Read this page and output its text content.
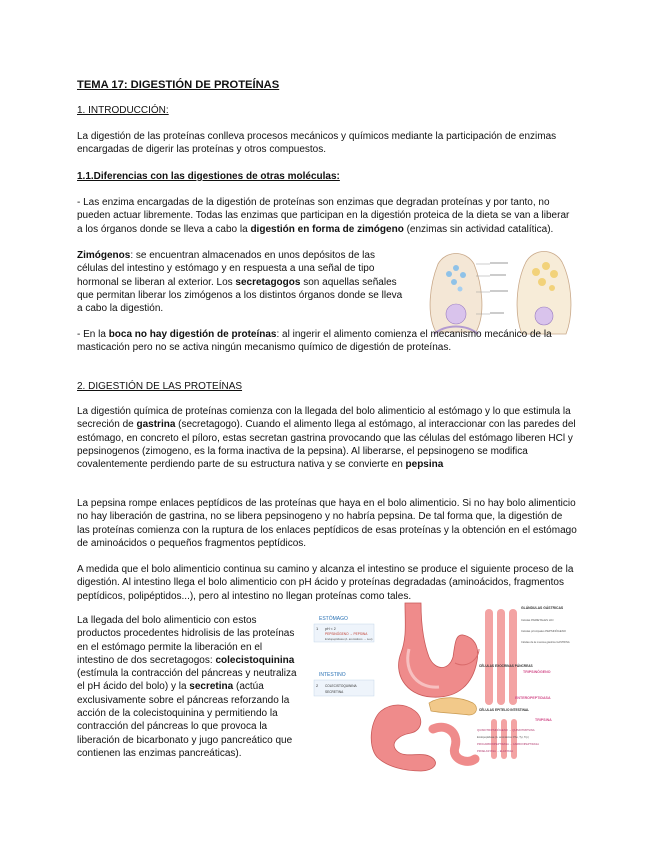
TEMA 17: DIGESTIÓN DE PROTEÍNAS
1. INTRODUCCIÓN:
La digestión de las proteínas conlleva procesos mecánicos y químicos mediante la participación de enzimas encargadas de digerir las proteínas y otros compuestos.
1.1.Diferencias con las digestiones de otras moléculas:
- Las enzima encargadas de la digestión de proteínas son enzimas que degradan proteínas y por tanto, no pueden actuar libremente. Todas las enzimas que participan en la digestión proteica de la dieta se van a liberar a los órganos donde se lleva a cabo la digestión en forma de zimógeno (enzimas sin actividad catalítica).
Zimógenos: se encuentran almacenados en unos depósitos de las células del intestino y estómago y en respuesta a una señal de tipo hormonal se liberan al exterior. Los secretagogos son aquellas señales que permitan liberar los zimógenos a los distintos órganos donde se lleva a cabo la digestión.
- En la boca no hay digestión de proteínas: al ingerir el alimento comienza el mecanismo mecánico de la masticación pero no se activa ningún mecanismo químico de digestión de proteínas.
2. DIGESTIÓN DE LAS PROTEÍNAS
La digestión química de proteínas comienza con la llegada del bolo alimenticio al estómago y lo que estimula la secreción de gastrina (secretagogo). Cuando el alimento llega al estómago, al interaccionar con las paredes del estómago, en concreto el píloro, estas secretan gastrina provocando que las células del estómago liberen HCl y pepsinogenos (zimogeno, es la forma inactiva de la pepsina). Al liberarse, el pepsinogeno se modifica covalentemente perdiendo parte de su estructura nativa y se convierte en pepsina
La pepsina rompe enlaces peptídicos de las proteínas que haya en el bolo alimenticio. Si no hay bolo alimenticio no hay liberación de gastrina, no se libera pepsinogeno y no habría pepsina. De tal forma que, la digestión de las proteínas comienza con la ruptura de los enlaces peptídicos de esas proteínas y la obtención en el estómago de aminoácidos o pequeños fragmentos peptídicos.
A medida que el bolo alimenticio continua su camino y alcanza el intestino se produce el siguiente proceso de la digestión. Al intestino llega el bolo alimenticio con pH ácido y proteínas degradadas (aminoácidos, fragmentos peptídicos, polipéptidos...), pero al intestino no llegan proteínas como tales.
La llegada del bolo alimenticio con estos productos procedentes hidrolisis de las proteínas en el estómago permite la liberación en el intestino de dos secretagogos: colecistoquinina (estímula la contracción del páncreas y neutraliza el pH ácido del bolo) y la secretina (actúa exclusivamente sobre el páncreas reforzando la acción de la colecistoquinina y permitiendo la contracción del páncreas lo que provoca la liberación de bicarbonato y jugo pancreático que contienen las enzimas pancreáticas).
ESTÓMAGO
1 pH < 2
PEPSINÓGENO → PEPSINA
Endopeptidasa (A. aromáticos → Leu)
INTESTINO
2 COLECISTOQUININA
SECRETINA
GLÁNDULAS GÁSTRICAS
Células PARIETALES HCl
Células principales PEPSINÓGENO
Células de la mucosa gástrica GASTRINA
CÉLULAS EXOCRINAS PÁNCREAS
TRIPSINÓGENO
ENTEROPEPTIDASA
CÉLULAS EPITELIO INTESTINAL
TRIPSINA
QUIMOTRIPSINÓGENO → QUIMOTRIPSINA
Endopeptidasa (A. aromáticos: Phe, Tyr, Trp)
PROCARBOXIPEPTIDASA → CARBOXIPEPTIDASA
PROELASTASA → ELASTASA
